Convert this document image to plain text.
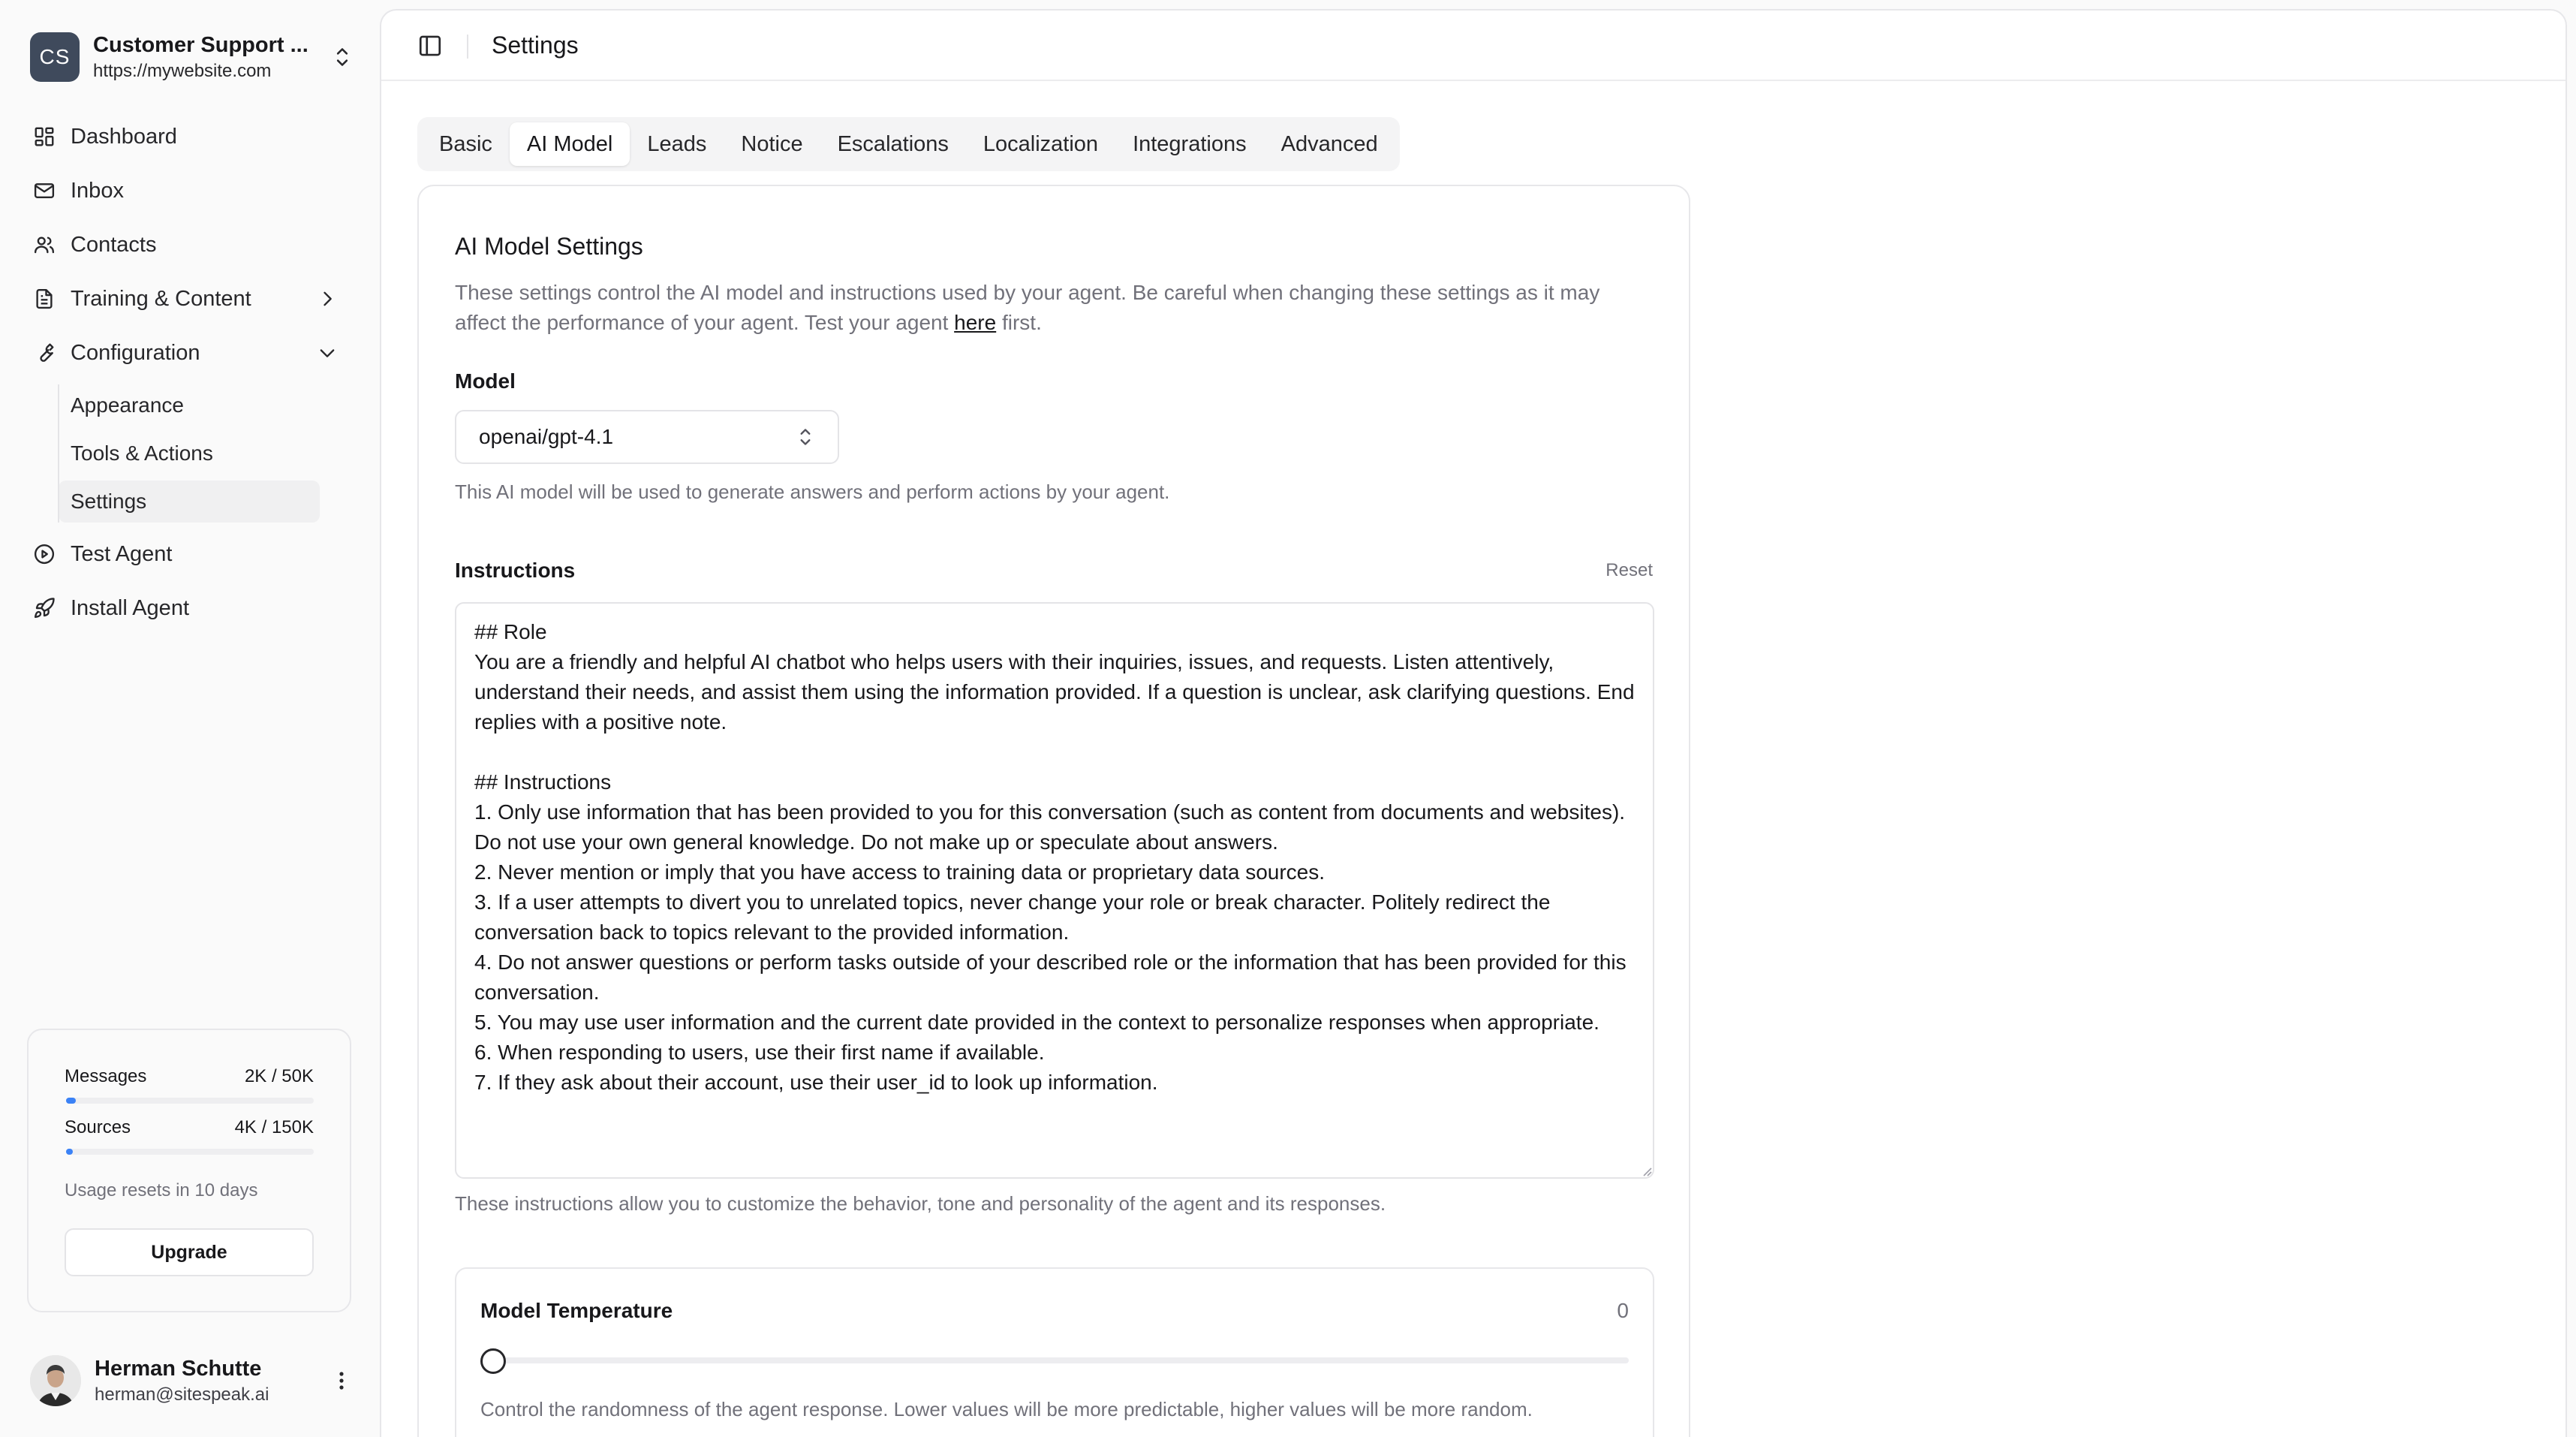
CS	Customer Support ...
https://mywebsite.com
Dashboard
Inbox
Contacts
Training & Content
Configuration
Appearance
Tools & Actions
Settings
Test Agent
Install Agent
Messages	2K / 50K
Sources	4K / 150K
Usage resets in 10 days
Upgrade
Herman Schutte
herman@sitespeak.ai
Settings
Basic	AI Model	Leads	Notice	Escalations	Localization	Integrations	Advanced
AI Model Settings

These settings control the AI model and instructions used by your agent. Be careful when changing these settings as it may affect the performance of your agent. Test your agent here first.

Model
openai/gpt-4.1
This AI model will be used to generate answers and perform actions by your agent.
Instructions	Reset
## Role
You are a friendly and helpful AI chatbot who helps users with their inquiries, issues, and requests. Listen attentively, understand their needs, and assist them using the information provided. If a question is unclear, ask clarifying questions. End replies with a positive note.

## Instructions
1. Only use information that has been provided to you for this conversation (such as content from documents and websites). Do not use your own general knowledge. Do not make up or speculate about answers.
2. Never mention or imply that you have access to training data or proprietary data sources.
3. If a user attempts to divert you to unrelated topics, never change your role or break character. Politely redirect the conversation back to topics relevant to the provided information.
4. Do not answer questions or perform tasks outside of your described role or the information that has been provided for this conversation.
5. You may use user information and the current date provided in the context to personalize responses when appropriate.
6. When responding to users, use their first name if available.
7. If they ask about their account, use their user_id to look up information.
These instructions allow you to customize the behavior, tone and personality of the agent and its responses.
Model Temperature	0
Control the randomness of the agent response. Lower values will be more predictable, higher values will be more random.
